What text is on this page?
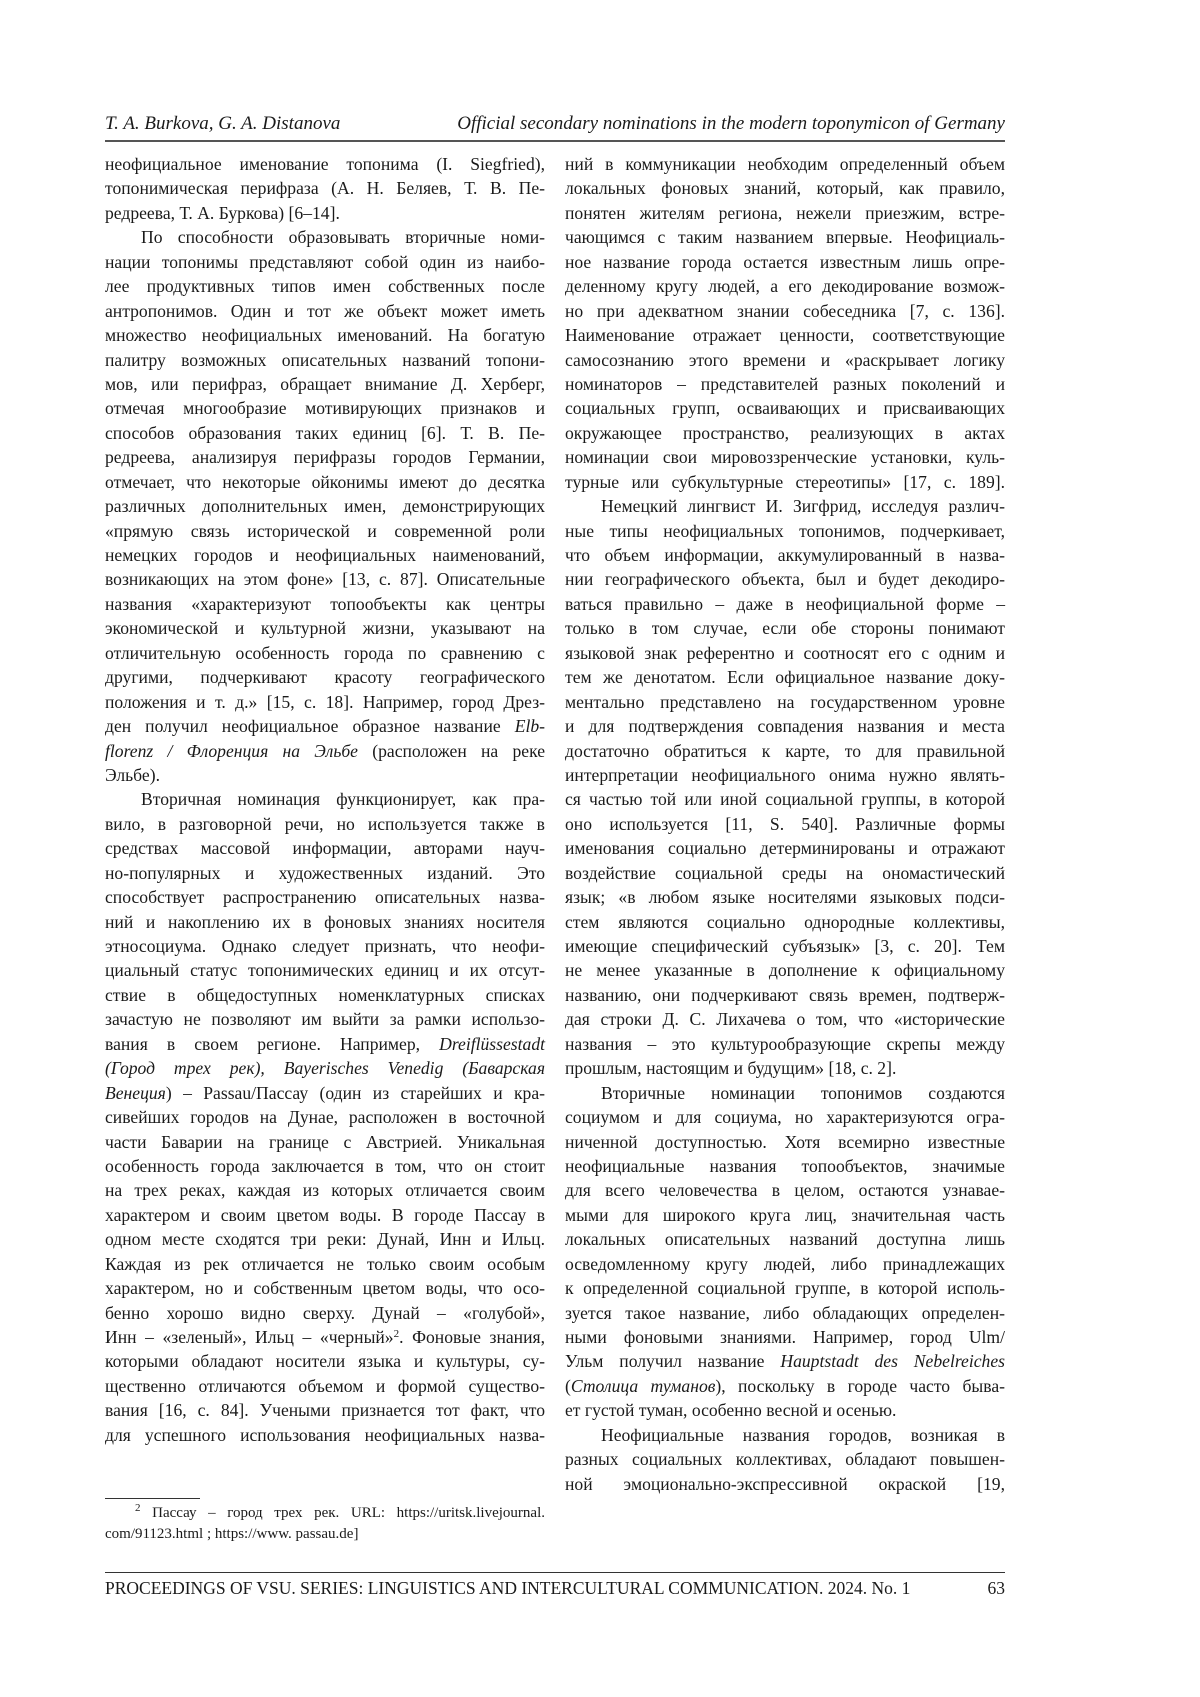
T. A. Burkova, G. A. Distanova	Official secondary nominations in the modern toponymicon of Germany
неофициальное именование топонима (I. Siegfried),
топонимическая перифраза (А. Н. Беляев, Т. В. Пе-
редреева, Т. А. Буркова) [6–14].
По способности образовывать вторичные номи-
нации топонимы представляют собой один из наибо-
лее продуктивных типов имен собственных после
антропонимов. Один и тот же объект может иметь
множество неофициальных именований. На богатую
палитру возможных описательных названий топони-
мов, или перифраз, обращает внимание Д. Херберг,
отмечая многообразие мотивирующих признаков и
способов образования таких единиц [6]. Т. В. Пе-
редреева, анализируя перифразы городов Германии,
отмечает, что некоторые ойконимы имеют до десятка
различных дополнительных имен, демонстрирующих
«прямую связь исторической и современной роли
немецких городов и неофициальных наименований,
возникающих на этом фоне» [13, с. 87]. Описательные
названия «характеризуют топообъекты как центры
экономической и культурной жизни, указывают на
отличительную особенность города по сравнению с
другими, подчеркивают красоту географического
положения и т. д.» [15, с. 18]. Например, город Дрез-
ден получил неофициальное образное название Elb-
florenz / Флоренция на Эльбе (расположен на реке
Эльбе).
Вторичная номинация функционирует, как пра-
вило, в разговорной речи, но используется также в
средствах массовой информации, авторами науч-
но-популярных и художественных изданий. Это
способствует распространению описательных назва-
ний и накоплению их в фоновых знаниях носителя
этносоциума. Однако следует признать, что неофи-
циальный статус топонимических единиц и их отсут-
ствие в общедоступных номенклатурных списках
зачастую не позволяют им выйти за рамки использо-
вания в своем регионе. Например, Dreiflüssestadt
(Город трех рек), Bayerisches Venedig (Баварская
Венеция) – Passau/Пассау (один из старейших и кра-
сивейших городов на Дунае, расположен в восточной
части Баварии на границе с Австрией. Уникальная
особенность города заключается в том, что он стоит
на трех реках, каждая из которых отличается своим
характером и своим цветом воды. В городе Пассау в
одном месте сходятся три реки: Дунай, Инн и Ильц.
Каждая из рек отличается не только своим особым
характером, но и собственным цветом воды, что осо-
бенно хорошо видно сверху. Дунай – «голубой»,
Инн – «зеленый», Ильц – «черный»$^2$. Фоновые знания,
которыми обладают носители языка и культуры, су-
щественно отличаются объемом и формой существо-
вания [16, с. 84]. Учеными признается тот факт, что
для успешного использования неофициальных назва-
ний в коммуникации необходим определенный объем
локальных фоновых знаний, который, как правило,
понятен жителям региона, нежели приезжим, встре-
чающимся с таким названием впервые. Неофициаль-
ное название города остается известным лишь опре-
деленному кругу людей, а его декодирование возмож-
но при адекватном знании собеседника [7, с. 136].
Наименование отражает ценности, соответствующие
самосознанию этого времени и «раскрывает логику
номинаторов – представителей разных поколений и
социальных групп, осваивающих и присваивающих
окружающее пространство, реализующих в актах
номинации свои мировоззренческие установки, куль-
турные или субкультурные стереотипы» [17, с. 189].
Немецкий лингвист И. Зигфрид, исследуя различ-
ные типы неофициальных топонимов, подчеркивает,
что объем информации, аккумулированный в назва-
нии географического объекта, был и будет декодиро-
ваться правильно – даже в неофициальной форме –
только в том случае, если обе стороны понимают
языковой знак референтно и соотносят его с одним и
тем же денотатом. Если официальное название доку-
ментально представлено на государственном уровне
и для подтверждения совпадения названия и места
достаточно обратиться к карте, то для правильной
интерпретации неофициального онима нужно являть-
ся частью той или иной социальной группы, в которой
оно используется [11, S. 540]. Различные формы
именования социально детерминированы и отражают
воздействие социальной среды на ономастический
язык; «в любом языке носителями языковых подси-
стем являются социально однородные коллективы,
имеющие специфический субъязык» [3, с. 20]. Тем
не менее указанные в дополнение к официальному
названию, они подчеркивают связь времен, подтверж-
дая строки Д. С. Лихачева о том, что «исторические
названия – это культурообразующие скрепы между
прошлым, настоящим и будущим» [18, с. 2].
Вторичные номинации топонимов создаются
социумом и для социума, но характеризуются огра-
ниченной доступностью. Хотя всемирно известные
неофициальные названия топообъектов, значимые
для всего человечества в целом, остаются узнавае-
мыми для широкого круга лиц, значительная часть
локальных описательных названий доступна лишь
осведомленному кругу людей, либо принадлежащих
к определенной социальной группе, в которой исполь-
зуется такое название, либо обладающих определен-
ными фоновыми знаниями. Например, город Ulm/
Ульм получил название Hauptstadt des Nebelreiches
(Столица туманов), поскольку в городе часто быва-
ет густой туман, особенно весной и осенью.
Неофициальные названия городов, возникая в
разных социальных коллективах, обладают повышен-
ной эмоционально-экспрессивной окраской [19,
$^2$ Пассау – город трех рек. URL: https://uritsk.livejournal.
com/91123.html ; https://www. passau.de]
PROCEEDINGS OF VSU. SERIES: LINGUISTICS AND INTERCULTURAL COMMUNICATION. 2024. No. 1	63
